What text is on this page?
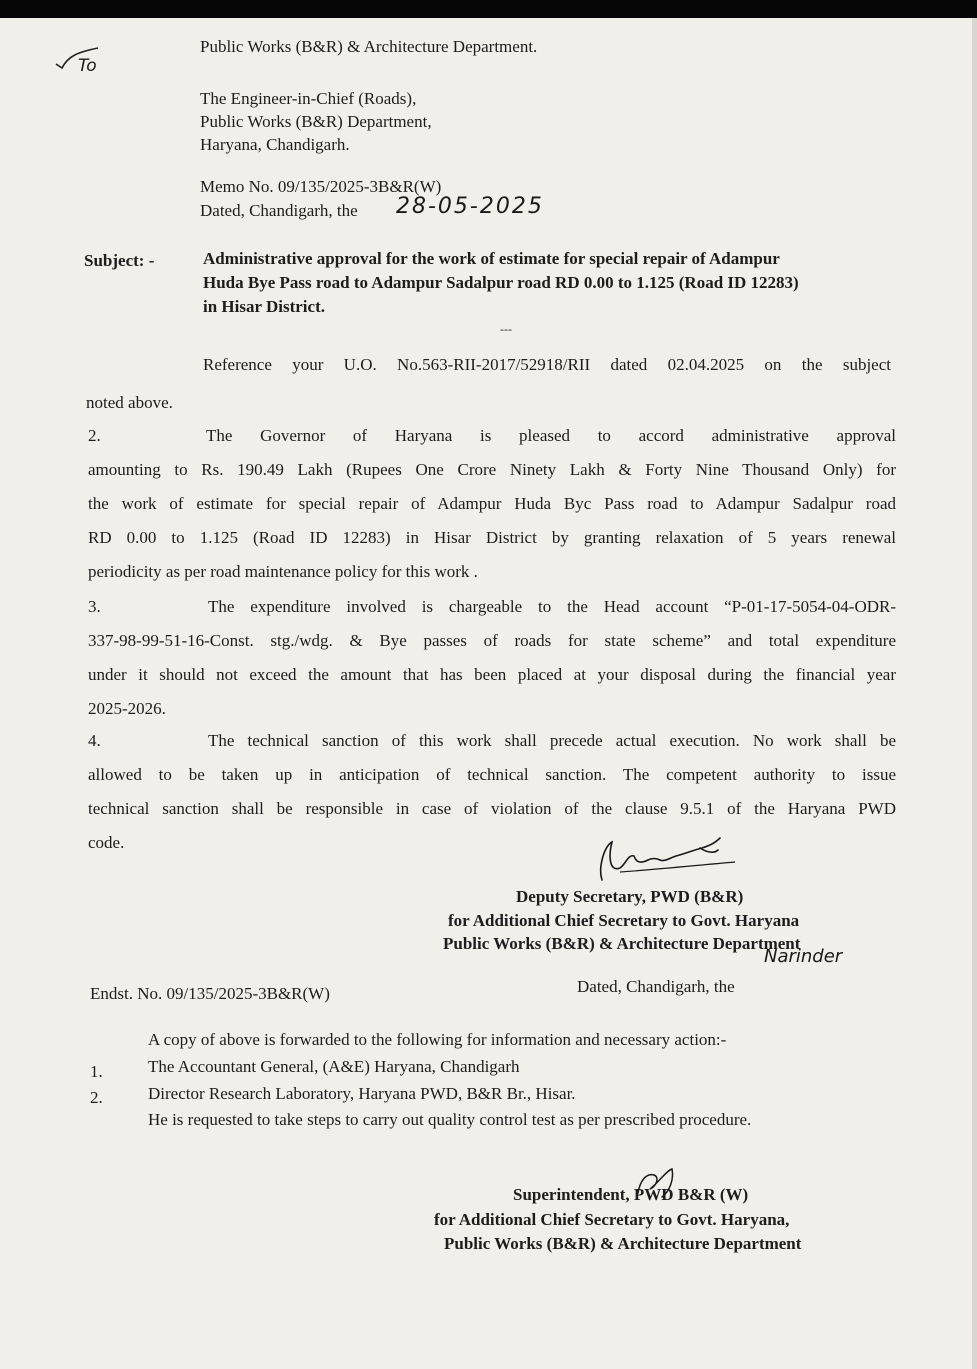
To
Public Works (B&R) & Architecture Department.
The Engineer-in-Chief (Roads),
Public Works (B&R) Department,
Haryana, Chandigarh.
Memo No. 09/135/2025-3B&R(W)
Dated, Chandigarh, the 28-05-2025
Subject: -	Administrative approval for the work of estimate for special repair of Adampur
Huda Bye Pass road to Adampur Sadalpur road RD 0.00 to 1.125 (Road ID 12283)
in Hisar District.
---
Reference your U.O. No.563-RII-2017/52918/RII dated 02.04.2025 on the subject
noted above.
2.	The Governor of Haryana is pleased to accord administrative approval
amounting to Rs. 190.49 Lakh (Rupees One Crore Ninety Lakh & Forty Nine Thousand Only) for
the work of estimate for special repair of Adampur Huda Byc Pass road to Adampur Sadalpur road
RD 0.00 to 1.125 (Road ID 12283) in Hisar District by granting relaxation of 5 years renewal
periodicity as per road maintenance policy for this work .
3.	The expenditure involved is chargeable to the Head account “P-01-17-5054-04-ODR-
337-98-99-51-16-Const. stg./wdg. & Bye passes of roads for state scheme” and total expenditure
under it should not exceed the amount that has been placed at your disposal during the financial year
2025-2026.
4.	The technical sanction of this work shall precede actual execution. No work shall be
allowed to be taken up in anticipation of technical sanction. The competent authority to issue
technical sanction shall be responsible in case of violation of the clause 9.5.1 of the Haryana PWD
code.
Deputy Secretary, PWD (B&R)
for Additional Chief Secretary to Govt. Haryana
Public Works (B&R) & Architecture Department
Narinder
Endst. No. 09/135/2025-3B&R(W)	Dated, Chandigarh, the
A copy of above is forwarded to the following for information and necessary action:-
1.	The Accountant General, (A&E) Haryana, Chandigarh
2.	Director Research Laboratory, Haryana PWD, B&R Br., Hisar.
He is requested to take steps to carry out quality control test as per prescribed procedure.
Superintendent, PWD B&R (W)
for Additional Chief Secretary to Govt. Haryana,
Public Works (B&R) & Architecture Department
